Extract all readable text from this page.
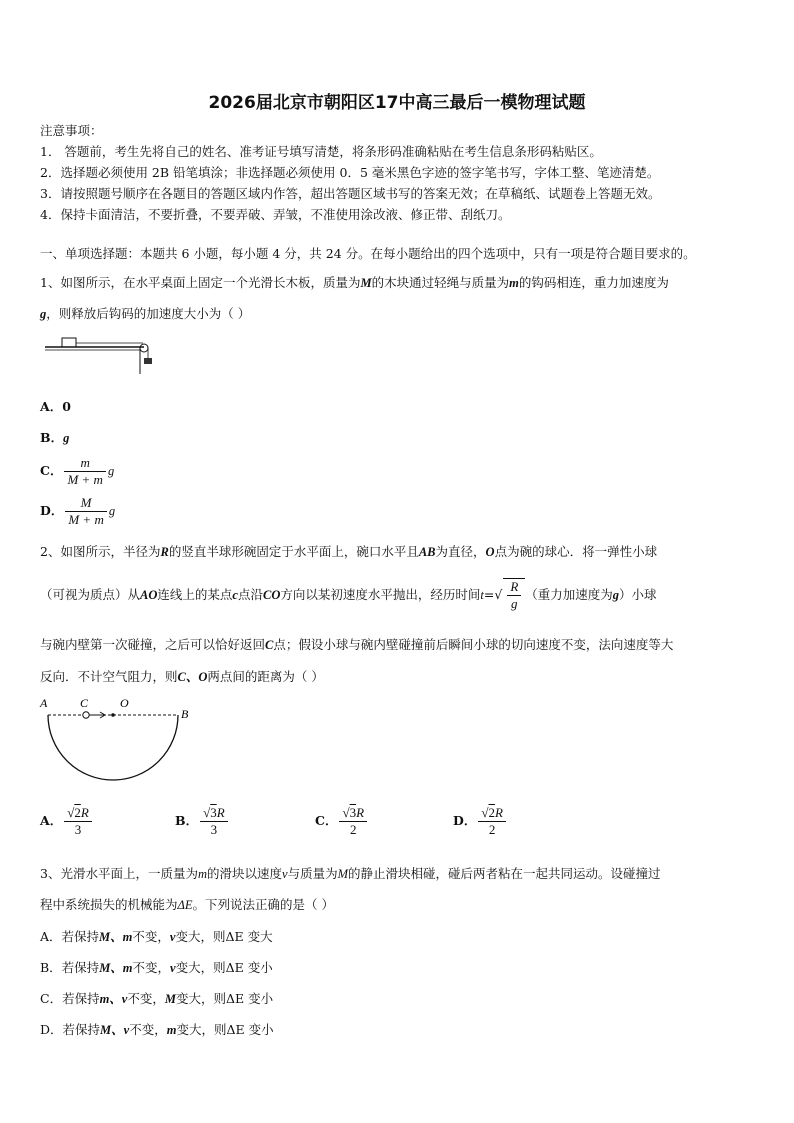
2026届北京市朝阳区17中高三最后一模物理试题
注意事项：
1． 答题前，考生先将自己的姓名、准考证号填写清楚，将条形码准确粘贴在考生信息条形码粘贴区。
2．选择题必须使用 2B 铅笔填涂；非选择题必须使用 0．5 毫米黑色字迹的签字笔书写，字体工整、笔迹清楚。
3．请按照题号顺序在各题目的答题区域内作答，超出答题区域书写的答案无效；在草稿纸、试题卷上答题无效。
4．保持卡面清洁，不要折叠，不要弄破、弄皱，不准使用涂改液、修正带、刮纸刀。
一、单项选择题：本题共 6 小题，每小题 4 分，共 24 分。在每小题给出的四个选项中，只有一项是符合题目要求的。
1、如图所示，在水平桌面上固定一个光滑长木板，质量为M的木块通过轻绳与质量为m的钩码相连，重力加速度为
g，则释放后钩码的加速度大小为（ ）
A．0
B．g
C． $\frac{m}{M + m}$ g
D． $\frac{M}{M + m}$ g
2、如图所示，半径为R的竖直半球形碗固定于水平面上，碗口水平且AB为直径，O点为碗的球心．将一弹性小球
（可视为质点）从AO连线上的某点c点沿CO方向以某初速度水平抛出，经历时间$t=√ \frac{R}{g}$ （重力加速度为g）小球
与碗内壁第一次碰撞，之后可以恰好返回C点；假设小球与碗内壁碰撞前后瞬间小球的切向速度不变，法向速度等大
反向．不计空气阻力，则C、O两点间的距离为（ ）
A	C	O
B
A． $\frac{√2R}{3}$	B． $\frac{√3R}{3}$	C． $\frac{√3R}{2}$	D． $\frac{√2R}{2}$
3、光滑水平面上，一质量为m的滑块以速度v与质量为M的静止滑块相碰，碰后两者粘在一起共同运动。设碰撞过
程中系统损失的机械能为ΔE。下列说法正确的是（ ）
A．若保持M、m不变，v变大，则ΔE 变大
B．若保持M、m不变，v变大，则ΔE 变小
C．若保持m、v不变，M变大，则ΔE 变小
D．若保持M、v不变，m变大，则ΔE 变小
